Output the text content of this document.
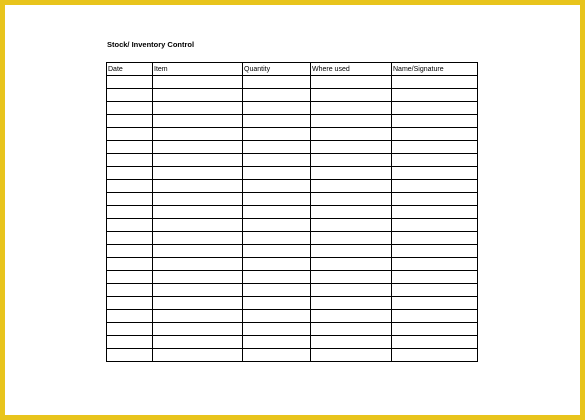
Stock/ Inventory Control
Date	Item	Quantity	Where used	Name/Signature
